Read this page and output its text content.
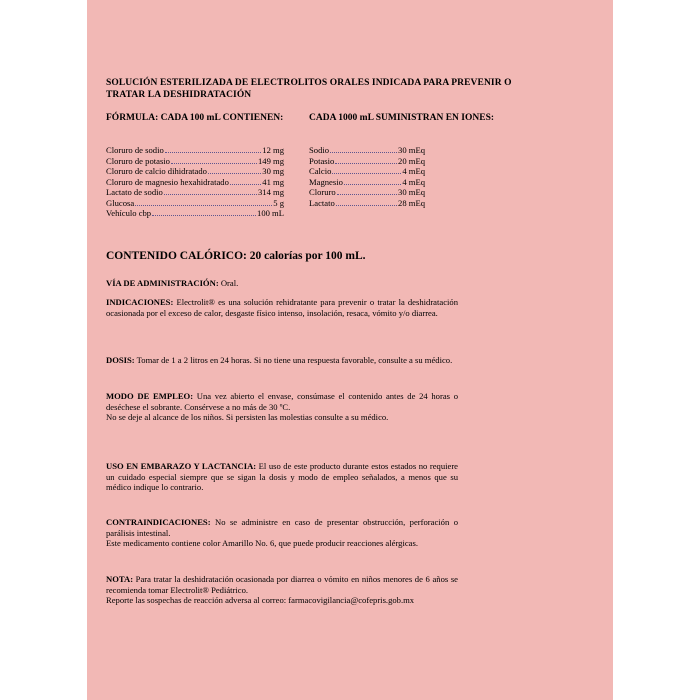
SOLUCIÓN ESTERILIZADA DE ELECTROLITOS ORALES INDICADA PARA PREVENIR O TRATAR LA DESHIDRATACIÓN
FÓRMULA: CADA 100 mL CONTIENEN:	CADA 1000 mL SUMINISTRAN EN IONES:
Cloruro de sodio	12 mg
Cloruro de potasio	149 mg
Cloruro de calcio dihidratado	30 mg
Cloruro de magnesio hexahidratado	41 mg
Lactato de sodio	314 mg
Glucosa	5 g
Vehículo cbp	100 mL
Sodio	30 mEq
Potasio	20 mEq
Calcio	4 mEq
Magnesio	4 mEq
Cloruro	30 mEq
Lactato	28 mEq
CONTENIDO CALÓRICO: 20 calorías por 100 mL.

VÍA DE ADMINISTRACIÓN: Oral.

INDICACIONES: Electrolit® es una solución rehidratante para prevenir o tratar la deshidratación ocasionada por el exceso de calor, desgaste físico intenso, insolación, resaca, vómito y/o diarrea.

DOSIS: Tomar de 1 a 2 litros en 24 horas. Si no tiene una respuesta favorable, consulte a su médico.

MODO DE EMPLEO: Una vez abierto el envase, consúmase el contenido antes de 24 horas o deséchese el sobrante. Consérvese a no más de 30 ºC.

No se deje al alcance de los niños. Si persisten las molestias consulte a su médico.

USO EN EMBARAZO Y LACTANCIA: El uso de este producto durante estos estados no requiere un cuidado especial siempre que se sigan la dosis y modo de empleo señalados, a menos que su médico indique lo contrario.

CONTRAINDICACIONES: No se administre en caso de presentar obstrucción, perforación o parálisis intestinal.

Este medicamento contiene color Amarillo No. 6, que puede producir reacciones alérgicas.

NOTA: Para tratar la deshidratación ocasionada por diarrea o vómito en niños menores de 6 años se recomienda tomar Electrolit® Pediátrico.

Reporte las sospechas de reacción adversa al correo: farmacovigilancia@cofepris.gob.mx
